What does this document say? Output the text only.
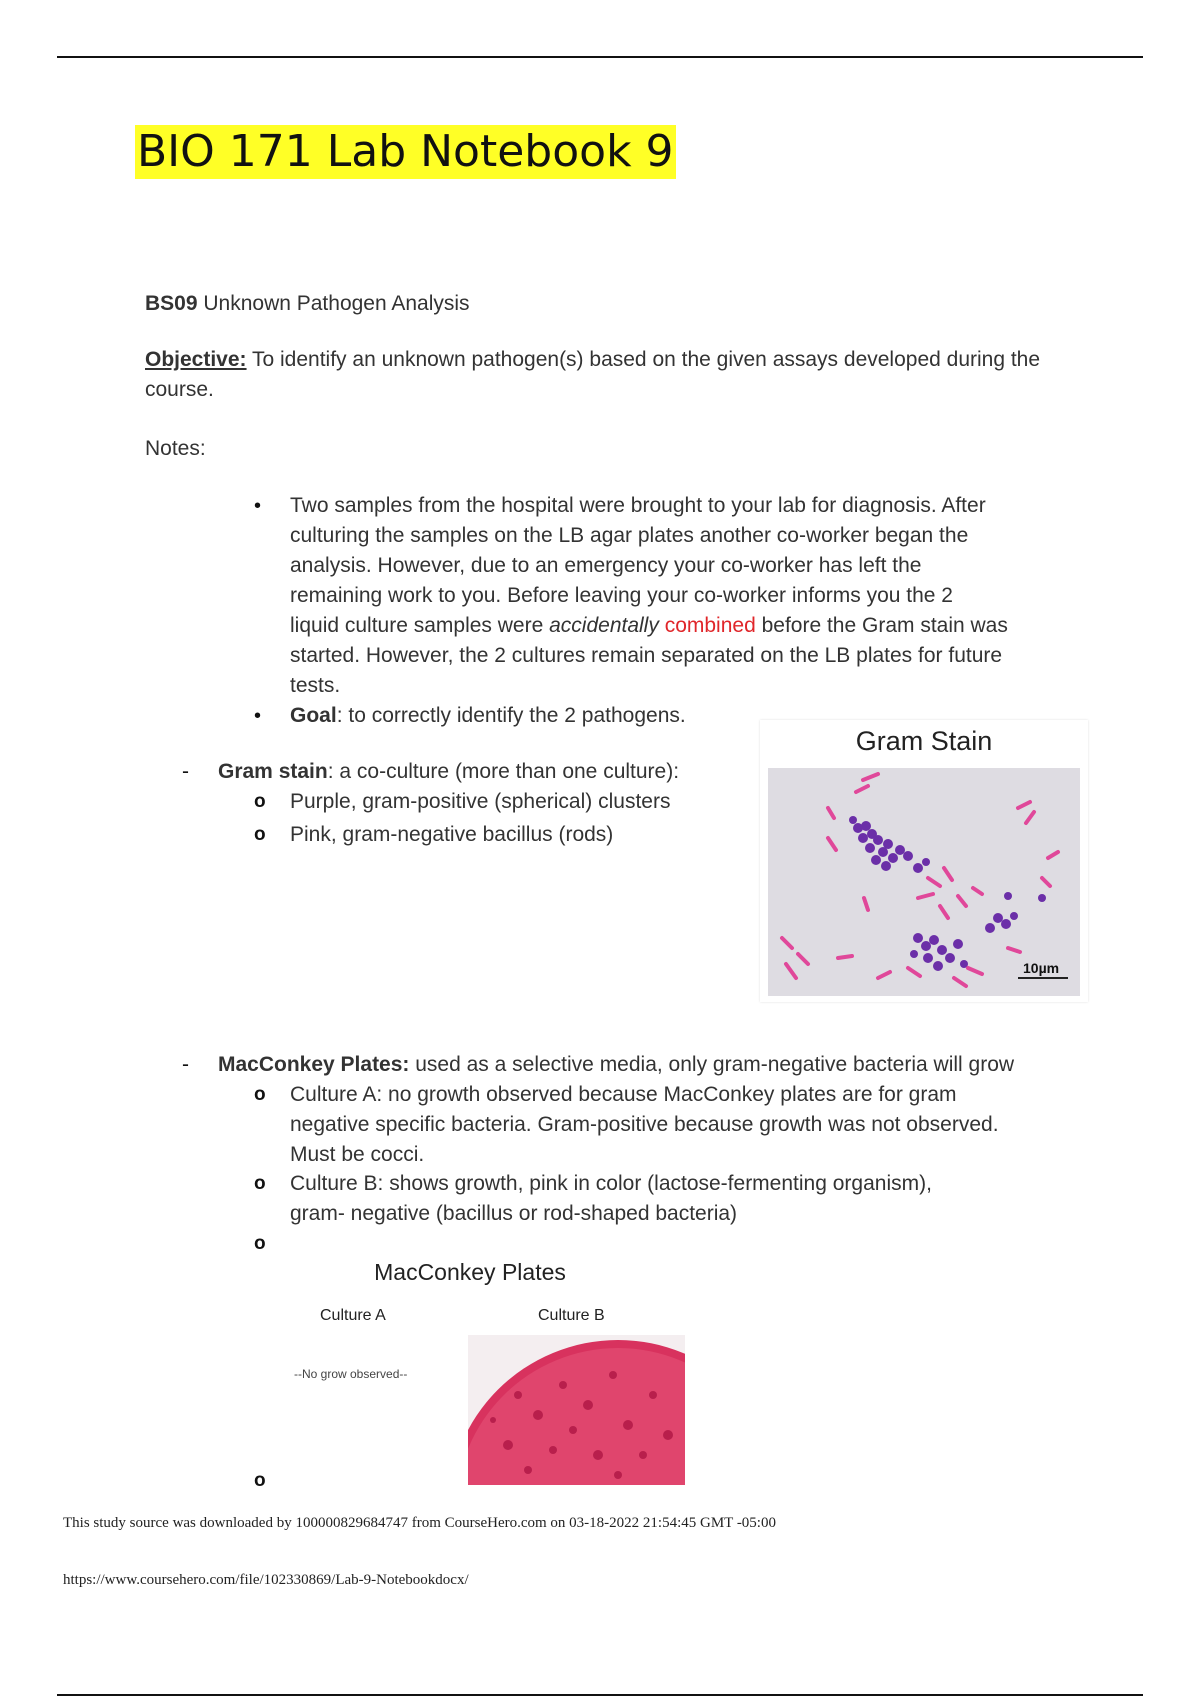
BIO 171 Lab Notebook 9
BS09 Unknown Pathogen Analysis
Objective: To identify an unknown pathogen(s) based on the given assays developed during the
course.
Notes:
• Two samples from the hospital were brought to your lab for diagnosis. After
culturing the samples on the LB agar plates another co-worker began the
analysis. However, due to an emergency your co-worker has left the
remaining work to you. Before leaving your co-worker informs you the 2
liquid culture samples were accidentally combined before the Gram stain was
started. However, the 2 cultures remain separated on the LB plates for future
tests.
• Goal: to correctly identify the 2 pathogens.
- Gram stain: a co-culture (more than one culture):
o Purple, gram-positive (spherical) clusters
o Pink, gram-negative bacillus (rods)
Gram Stain
10µm
- MacConkey Plates: used as a selective media, only gram-negative bacteria will grow
o Culture A: no growth observed because MacConkey plates are for gram
negative specific bacteria. Gram-positive because growth was not observed.
Must be cocci.
o Culture B: shows growth, pink in color (lactose-fermenting organism),
gram- negative (bacillus or rod-shaped bacteria)
o
MacConkey Plates
Culture A	Culture B
--No grow observed--
o
This study source was downloaded by 100000829684747 from CourseHero.com on 03-18-2022 21:54:45 GMT -05:00
https://www.coursehero.com/file/102330869/Lab-9-Notebookdocx/
